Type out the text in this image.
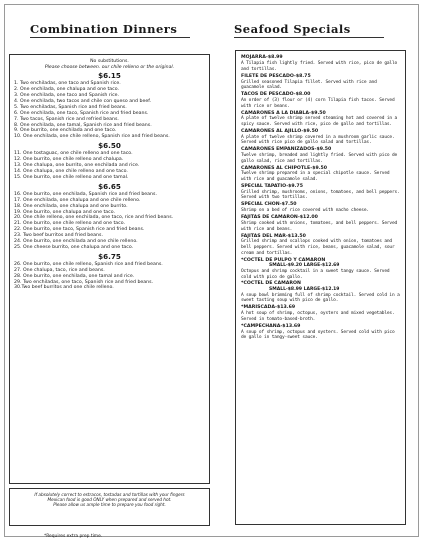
Combination Dinners	Seafood Specials
No substitutions.
Please choose between. our chile relleno or the original.
$6.15
1. Two enchiladas, one taco and Spanish rice.
2. One enchilada, one chalupa and one taco.
3. One enchilada, one taco and Spanish rice.
4. One enchilada, two tacos and chile con queso and beef.
5. Two enchiladas, Spanish rice and fried beans.
6. One enchilada, one taco, Spanish rice and fried beans.
7. Two tacos, Spanish rice and refried beans.
8. One enchilada, one tamal, Spanish rice and fried beans.
9. One burrito, one enchilada and one taco.
10. One enchilada, one chile relleno, Spanish rice and fried beans.
$6.50
11. One tostaguac, one chile relleno and one taco.
12. One burrito, one chile relleno and chalupa.
13. One chalupa, one burrito, one enchilada and rice.
14. One chalupa, one chile relleno and one taco.
15. One burrito, one chile relleno and one tamal.
$6.65
16. One burrito, one enchilada, Spanish rice and fried beans.
17. One enchilada, one chalupa and one chile relleno.
18. One enchilada, one chalupa and one burrito.
19. One burrito, one chalupa and one taco.
20. One chile relleno, one enchilada, one taco, rice and fried beans.
21. One burrito, one chile relleno and one taco.
22. One burrito, one taco, Spanish rice and fried beans.
23. Two beef burritos and fried beans.
24. One burrito, one enchilada and one chile relleno.
25. One cheese burrito, one chalupa and one taco.
$6.75
26. One burrito, one chile relleno, Spanish rice and fried beans.
27. One chalupa, taco, rice and beans.
28. One burrito, one enchilada, one tamal and rice.
29. Two enchiladas, one taco, Spanish rice and fried beans.
30.Two beef burritos and one chile relleno.
If absolutely correct to estracos, tostadas and tortillas with your fingers
Mexican food is good ONLY when prepared and served hot.
Please allow us ample time to prepare you food right.
*Requires extra prep time.
MOJARRA-$8.99
A Tilapia fish lightly fried. Served with rice, pico de gallo and tortillas.
FILETE DE PESCADO-$8.75
Grilled seasoned Tilapia fillet. Served with rice and guacamole salad.
TACOS DE PESCADO-$8.00
An order of (3) flour or (4) corn Tilapia fish tacos. Served with rice or beans.
CAMARONES A LA DIABLA-$9.50
A plate of twelve shrimp served steaming hot and covered in a spicy sauce. Served with rice, pico de gallo and tortillas.
CAMARONES AL AJILLO-$9.50
A plate of twelve shrimp covered in a mushroom garlic sauce. Served with rice pico de gallo salad and tortillas.
CAMARONES EMPANIZADOS-$9.50
Twelve shrimp, breaded and lightly fried. Served with pico de gallo salad, rice and tortillas.
CAMARONES AL CHIPOTLE-$9.50
Twelve shrimp prepared in a special chipotle sauce. Served with rice and guacamole salad.
SPECIAL TAPATIO-$9.75
Grilled shrimp, mushrooms, onions, tomatoes, and bell peppers. Served with two tortillas.
SPECIAL CHON-$7.50
Shrimp on a bed of rice covered with nacho cheese.
FAJITAS DE CAMARON-$12.00
Shrimp cooked with onions, tomatoes, and bell peppers. Served with rice and beans.
FAJITAS DEL MAR-$13.50
Grilled shrimp and scallops cooked with onion, tomatoes and bell peppers. Served with rice, beans, guacamole salad, sour cream and tortillas.
*COCTEL DE PULPO Y CAMARON
SMALL-$9.20 LARGE-$12.69
Octopus and shrimp cocktail in a sweet tangy sauce. Served cold with pico de gallo.
*COCTEL DE CAMARON
SMALL-$8.99 LARGE-$12.19
A soup bowl brimming full of shrimp cocktail. Served cold in a sweet tasting soup with pico de gallo.
*MARISCADA-$13.69
A hot soup of shrimp, octopus, oysters and mixed vegetables. Served in tomato-based-broth.
*CAMPECHANA-$13.69
A soup of shrimp, octopus and oysters. Served cold with pico de gallo in tangy-sweet sauce.
